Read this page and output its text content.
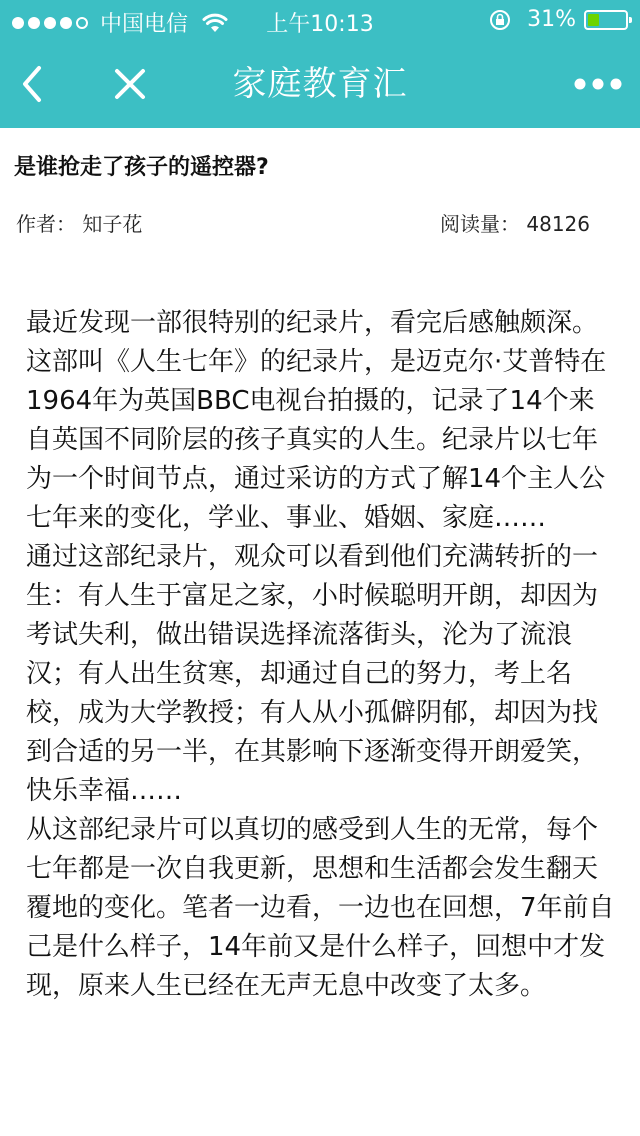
中国电信	上午10:13	31%
家庭教育汇
是谁抢走了孩子的遥控器?
作者： 知子花	阅读量： 48126

最近发现一部很特别的纪录片，看完后感触颇深。这部叫《人生七年》的纪录片，是迈克尔·艾普特在1964年为英国BBC电视台拍摄的，记录了14个来自英国不同阶层的孩子真实的人生。纪录片以七年为一个时间节点，通过采访的方式了解14个主人公七年来的变化，学业、事业、婚姻、家庭……

通过这部纪录片，观众可以看到他们充满转折的一生：有人生于富足之家，小时候聪明开朗，却因为考试失利，做出错误选择流落街头，沦为了流浪汉；有人出生贫寒，却通过自己的努力，考上名校，成为大学教授；有人从小孤僻阴郁，却因为找到合适的另一半，在其影响下逐渐变得开朗爱笑，快乐幸福……

从这部纪录片可以真切的感受到人生的无常，每个七年都是一次自我更新，思想和生活都会发生翻天覆地的变化。笔者一边看，一边也在回想，7年前自己是什么样子，14年前又是什么样子，回想中才发现，原来人生已经在无声无息中改变了太多。
